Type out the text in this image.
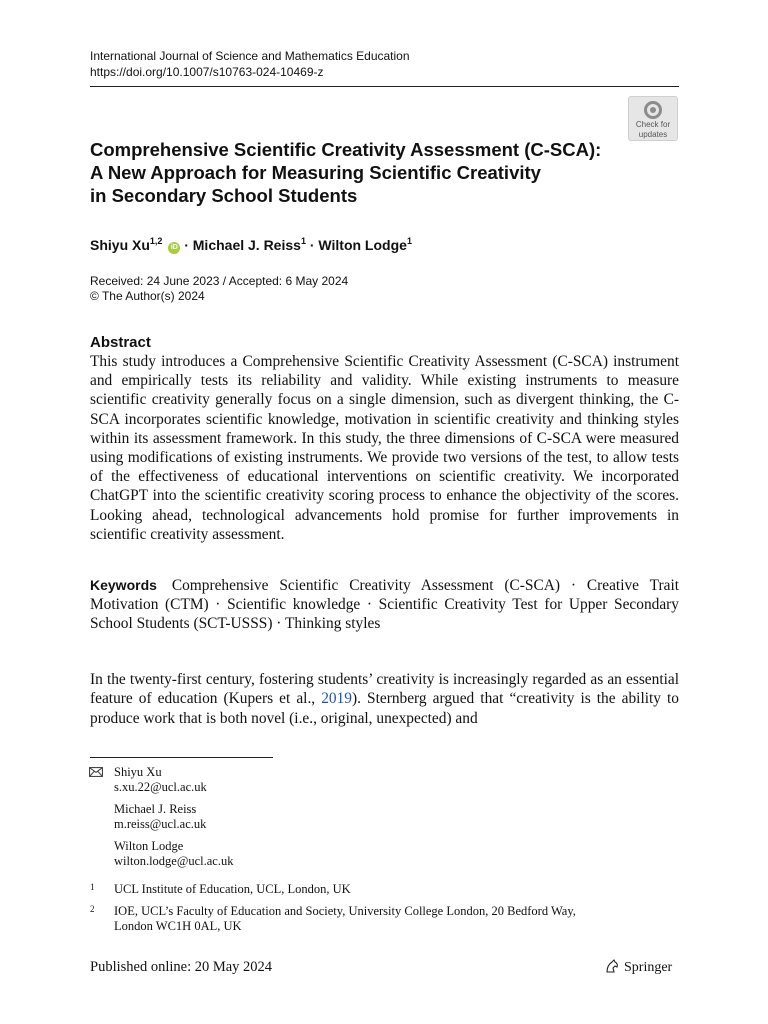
International Journal of Science and Mathematics Education
https://doi.org/10.1007/s10763-024-10469-z
Check for
updates
Comprehensive Scientific Creativity Assessment (C-SCA):
A New Approach for Measuring Scientific Creativity
in Secondary School Students
Shiyu Xu$^{1,2}$ iD · Michael J. Reiss$^1$ · Wilton Lodge$^1$
Received: 24 June 2023 / Accepted: 6 May 2024
© The Author(s) 2024
Abstract

This study introduces a Comprehensive Scientific Creativity Assessment (C-SCA) instrument and empirically tests its reliability and validity. While existing instruments to measure scientific creativity generally focus on a single dimension, such as divergent thinking, the C-SCA incorporates scientific knowledge, motivation in scientific creativity and thinking styles within its assessment framework. In this study, the three dimensions of C-SCA were measured using modifications of existing instruments. We provide two versions of the test, to allow tests of the effectiveness of educational interventions on scientific creativity. We incorporated ChatGPT into the scientific creativity scoring process to enhance the objectivity of the scores. Looking ahead, technological advancements hold promise for further improvements in scientific creativity assessment.

Keywords Comprehensive Scientific Creativity Assessment (C-SCA) · Creative Trait Motivation (CTM) · Scientific knowledge · Scientific Creativity Test for Upper Secondary School Students (SCT-USSS) · Thinking styles

In the twenty-first century, fostering students’ creativity is increasingly regarded as an essential feature of education (Kupers et al., 2019). Sternberg argued that “creativity is the ability to produce work that is both novel (i.e., original, unexpected) and

Shiyu Xu
s.xu.22@ucl.ac.uk
Michael J. Reiss
m.reiss@ucl.ac.uk
Wilton Lodge
wilton.lodge@ucl.ac.uk
1 UCL Institute of Education, UCL, London, UK
2 IOE, UCL’s Faculty of Education and Society, University College London, 20 Bedford Way,
London WC1H 0AL, UK
Published online: 20 May 2024	Springer
